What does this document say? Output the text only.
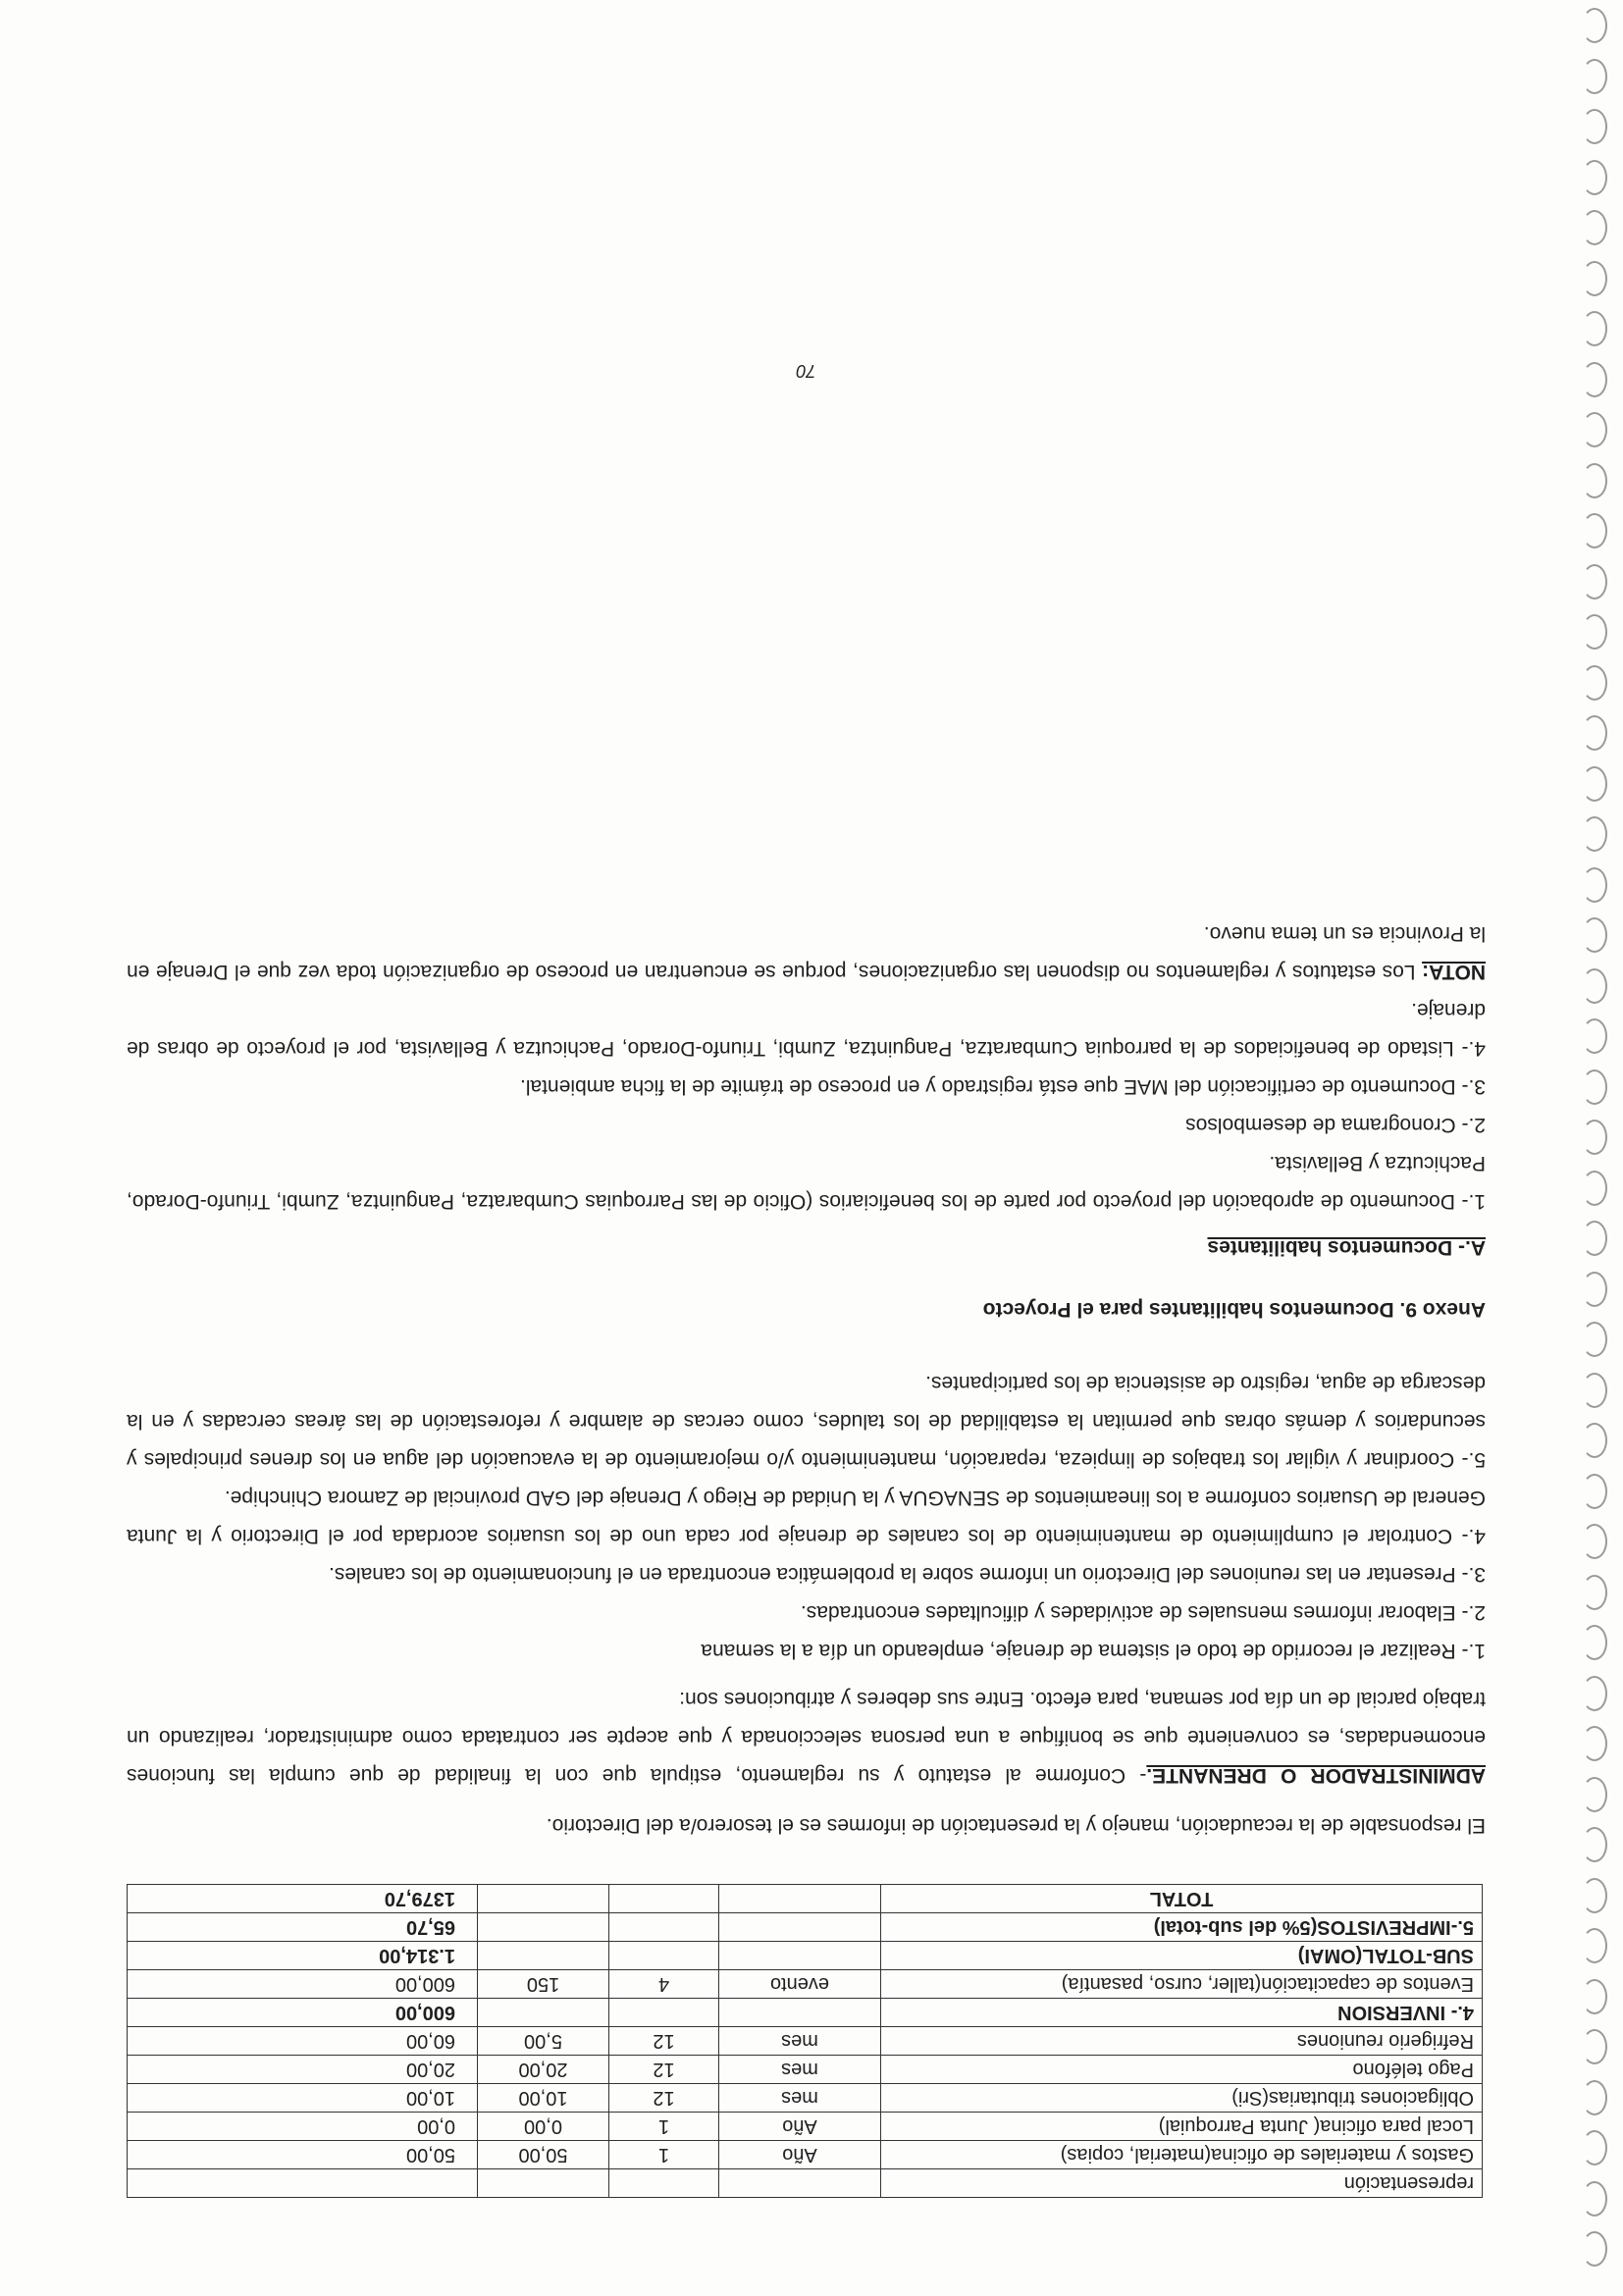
representación				
Gastos y materiales de oficina(material, copias)	Año	1	50,00	50,00
Local para oficina( Junta Parroquial)	Año	1	0,00	0,00
Obligaciones tributarias(Sri)	mes	12	10,00	10,00
Pago teléfono	mes	12	20,00	20,00
Refrigerio reuniones	mes	12	5,00	60,00
4.- INVERSION				600,00
Eventos de capacitación(taller, curso, pasantía)	evento	4	150	600,00
SUB-TOTAL(OMAI)				1.314,00
5.-IMPREVISTOS(5% del sub-total)				65,70
TOTAL				1379,70

El responsable de la recaudación, manejo y la presentación de informes es el tesorero/a del Directorio.

ADMINISTRADOR O DRENANTE.- Conforme al estatuto y su reglamento, estipula que con la finalidad de que cumpla las funciones encomendadas, es conveniente que se bonifique a una persona seleccionada y que acepte ser contratada como administrador, realizando un trabajo parcial de un día por semana, para efecto. Entre sus deberes y atribuciones son:

1.- Realizar el recorrido de todo el sistema de drenaje, empleando un día a la semana

2.- Elaborar informes mensuales de actividades y dificultades encontradas.

3.- Presentar en las reuniones del Directorio un informe sobre la problemática encontrada en el funcionamiento de los canales.

4.- Controlar el cumplimiento de mantenimiento de los canales de drenaje por cada uno de los usuarios acordada por el Directorio y la Junta General de Usuarios conforme a los lineamientos de SENAGUA y la Unidad de Riego y Drenaje del GAD provincial de Zamora Chinchipe.

5.- Coordinar y vigilar los trabajos de limpieza, reparación, mantenimiento y/o mejoramiento de la evacuación del agua en los drenes principales y secundarios y demás obras que permitan la estabilidad de los taludes, como cercas de alambre y reforestación de las áreas cercadas y en la descarga de agua, registro de asistencia de los participantes.

Anexo 9. Documentos habilitantes para el Proyecto

A.- Documentos habilitantes

1.- Documento de aprobación del proyecto por parte de los beneficiarios (Oficio de las Parroquias Cumbaratza, Panguintza, Zumbi, Triunfo-Dorado, Pachicutza y Bellavista.

2.- Cronograma de desembolsos

3.- Documento de certificación del MAE que está registrado y en proceso de trámite de la ficha ambiental.

4.- Listado de beneficiados de la parroquia Cumbaratza, Panguintza, Zumbi, Triunfo-Dorado, Pachicutza y Bellavista, por el proyecto de obras de drenaje.

NOTA: Los estatutos y reglamentos no disponen las organizaciones, porque se encuentran en proceso de organización toda vez que el Drenaje en la Provincia es un tema nuevo.

70
